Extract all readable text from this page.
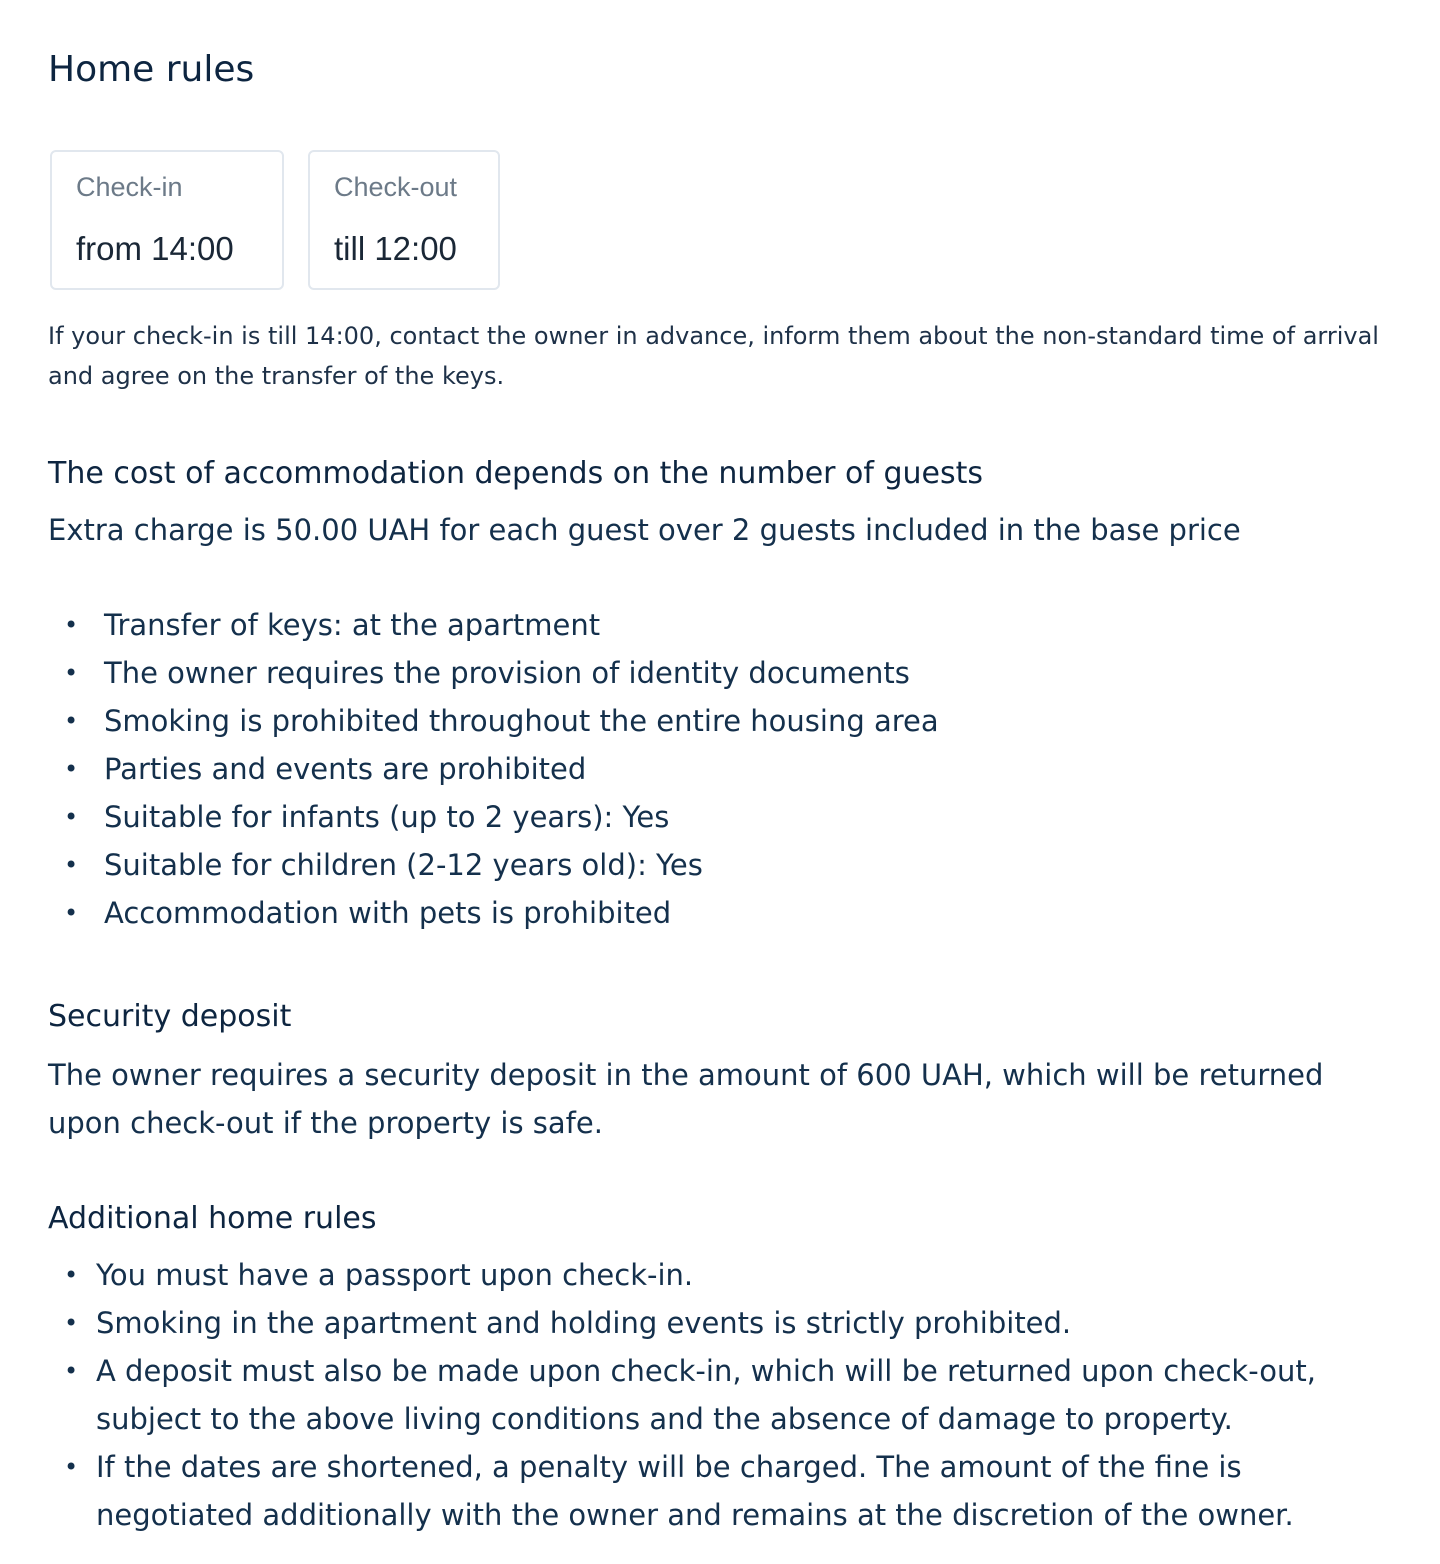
Home rules
Check-in
from 14:00
Check-out
till 12:00

If your check-in is till 14:00, contact the owner in advance, inform them about the non-standard time of arrival and agree on the transfer of the keys.

The cost of accommodation depends on the number of guests

Extra charge is 50.00 UAH for each guest over 2 guests included in the base price

• Transfer of keys: at the apartment
• The owner requires the provision of identity documents
• Smoking is prohibited throughout the entire housing area
• Parties and events are prohibited
• Suitable for infants (up to 2 years): Yes
• Suitable for children (2-12 years old): Yes
• Accommodation with pets is prohibited
Security deposit

The owner requires a security deposit in the amount of 600 UAH, which will be returned upon check-out if the property is safe.

Additional home rules
• You must have a passport upon check-in.
• Smoking in the apartment and holding events is strictly prohibited.
• A deposit must also be made upon check-in, which will be returned upon check-out, subject to the above living conditions and the absence of damage to property.
• If the dates are shortened, a penalty will be charged. The amount of the fine is negotiated additionally with the owner and remains at the discretion of the owner.
